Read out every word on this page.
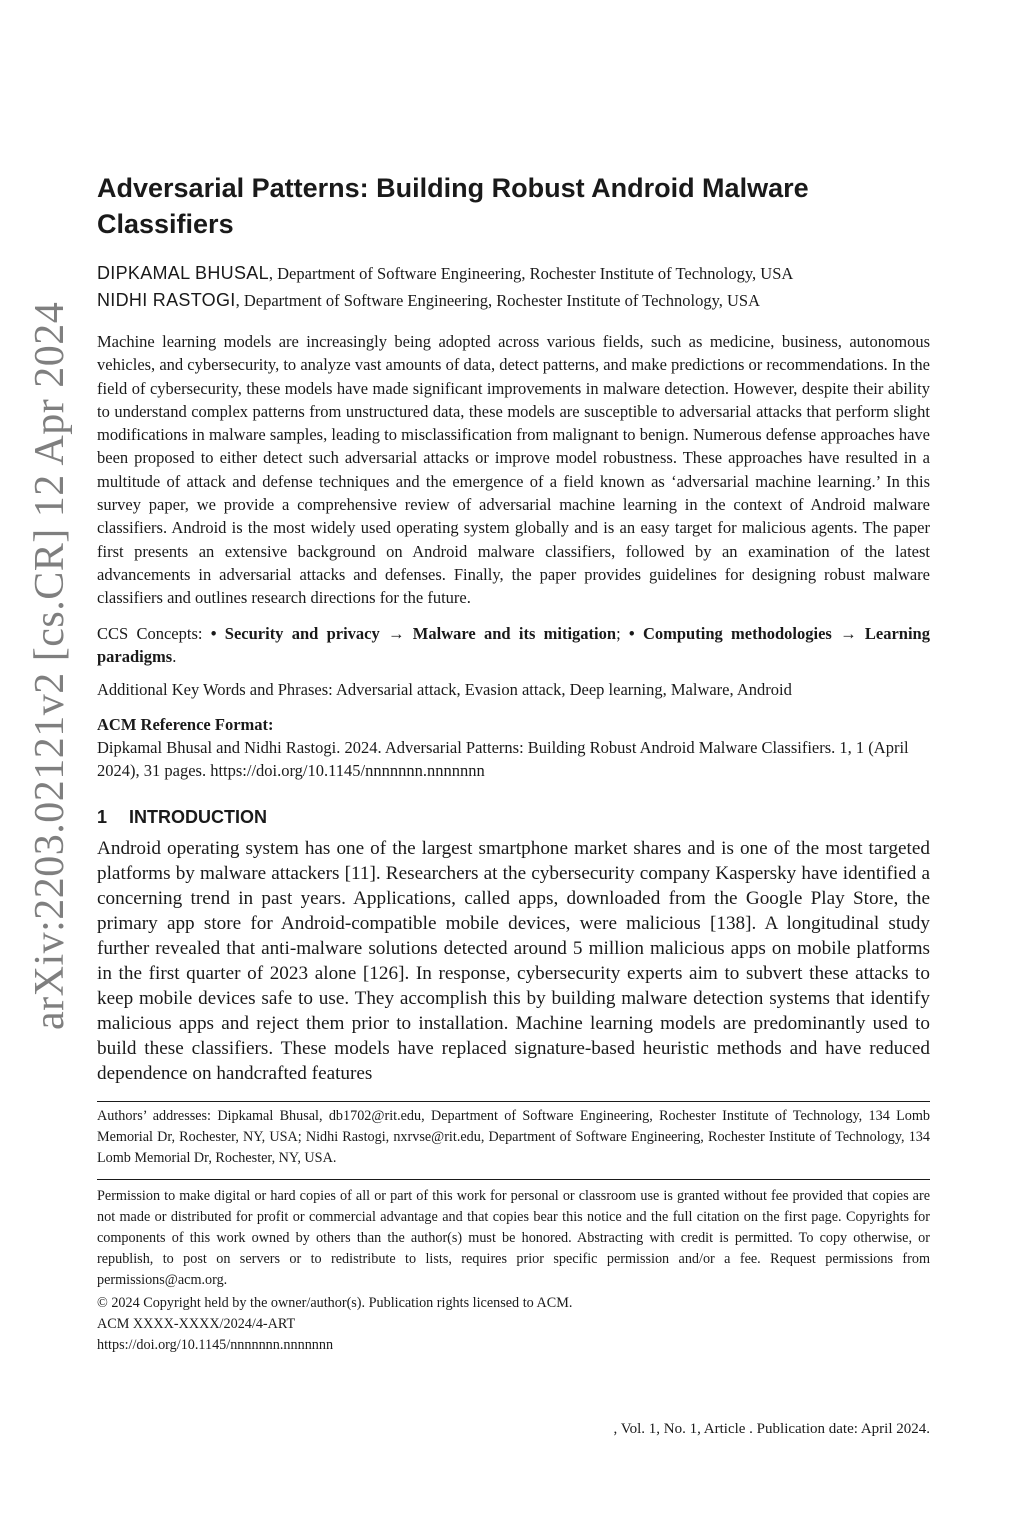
arXiv:2203.02121v2 [cs.CR] 12 Apr 2024
Adversarial Patterns: Building Robust Android Malware
Classifiers
DIPKAMAL BHUSAL, Department of Software Engineering, Rochester Institute of Technology, USA
NIDHI RASTOGI, Department of Software Engineering, Rochester Institute of Technology, USA
Machine learning models are increasingly being adopted across various fields, such as medicine, business, autonomous vehicles, and cybersecurity, to analyze vast amounts of data, detect patterns, and make predictions or recommendations. In the field of cybersecurity, these models have made significant improvements in malware detection. However, despite their ability to understand complex patterns from unstructured data, these models are susceptible to adversarial attacks that perform slight modifications in malware samples, leading to misclassification from malignant to benign. Numerous defense approaches have been proposed to either detect such adversarial attacks or improve model robustness. These approaches have resulted in a multitude of attack and defense techniques and the emergence of a field known as ‘adversarial machine learning.’ In this survey paper, we provide a comprehensive review of adversarial machine learning in the context of Android malware classifiers. Android is the most widely used operating system globally and is an easy target for malicious agents. The paper first presents an extensive background on Android malware classifiers, followed by an examination of the latest advancements in adversarial attacks and defenses. Finally, the paper provides guidelines for designing robust malware classifiers and outlines research directions for the future.
CCS Concepts: • Security and privacy → Malware and its mitigation; • Computing methodologies → Learning paradigms.
Additional Key Words and Phrases: Adversarial attack, Evasion attack, Deep learning, Malware, Android
ACM Reference Format:
Dipkamal Bhusal and Nidhi Rastogi. 2024. Adversarial Patterns: Building Robust Android Malware Classifiers. 1, 1 (April 2024), 31 pages. https://doi.org/10.1145/nnnnnnn.nnnnnnn
1 INTRODUCTION
Android operating system has one of the largest smartphone market shares and is one of the most targeted platforms by malware attackers [11]. Researchers at the cybersecurity company Kaspersky have identified a concerning trend in past years. Applications, called apps, downloaded from the Google Play Store, the primary app store for Android-compatible mobile devices, were malicious [138]. A longitudinal study further revealed that anti-malware solutions detected around 5 million malicious apps on mobile platforms in the first quarter of 2023 alone [126]. In response, cybersecurity experts aim to subvert these attacks to keep mobile devices safe to use. They accomplish this by building malware detection systems that identify malicious apps and reject them prior to installation. Machine learning models are predominantly used to build these classifiers. These models have replaced signature-based heuristic methods and have reduced dependence on handcrafted features
Authors’ addresses: Dipkamal Bhusal, db1702@rit.edu, Department of Software Engineering, Rochester Institute of Technology, 134 Lomb Memorial Dr, Rochester, NY, USA; Nidhi Rastogi, nxrvse@rit.edu, Department of Software Engineering, Rochester Institute of Technology, 134 Lomb Memorial Dr, Rochester, NY, USA.
Permission to make digital or hard copies of all or part of this work for personal or classroom use is granted without fee provided that copies are not made or distributed for profit or commercial advantage and that copies bear this notice and the full citation on the first page. Copyrights for components of this work owned by others than the author(s) must be honored. Abstracting with credit is permitted. To copy otherwise, or republish, to post on servers or to redistribute to lists, requires prior specific permission and/or a fee. Request permissions from permissions@acm.org.
© 2024 Copyright held by the owner/author(s). Publication rights licensed to ACM.
ACM XXXX-XXXX/2024/4-ART
https://doi.org/10.1145/nnnnnnn.nnnnnnn
, Vol. 1, No. 1, Article . Publication date: April 2024.
